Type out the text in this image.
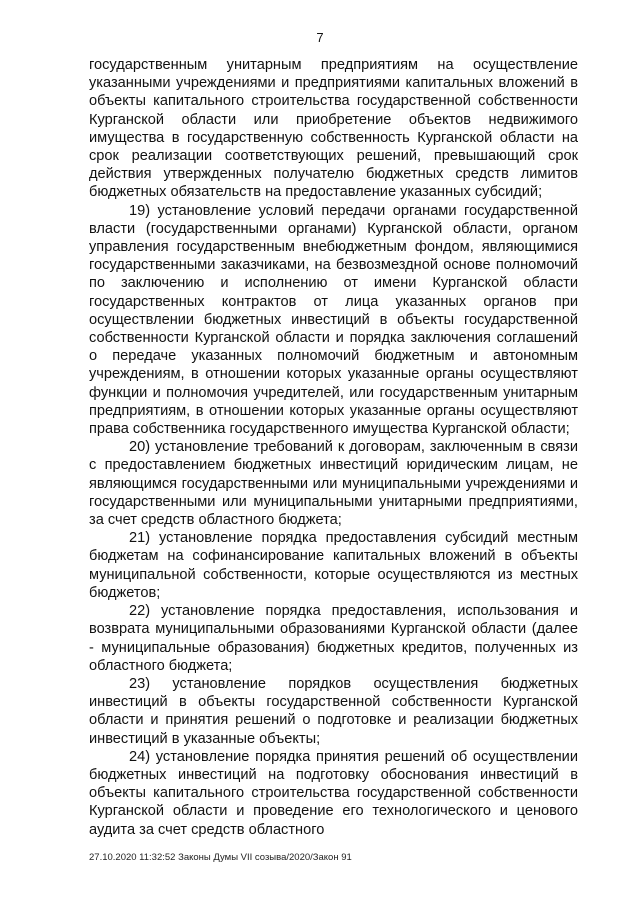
7

государственным унитарным предприятиям на осуществление указанными учреждениями и предприятиями капитальных вложений в объекты капитального строительства государственной собственности Курганской области или приобретение объектов недвижимого имущества в государственную собственность Курганской области на срок реализации соответствующих решений, превышающий срок действия утвержденных получателю бюджетных средств лимитов бюджетных обязательств на предоставление указанных субсидий;

19) установление условий передачи органами государственной власти (государственными органами) Курганской области, органом управления государственным внебюджетным фондом, являющимися государственными заказчиками, на безвозмездной основе полномочий по заключению и исполнению от имени Курганской области государственных контрактов от лица указанных органов при осуществлении бюджетных инвестиций в объекты государственной собственности Курганской области и порядка заключения соглашений о передаче указанных полномочий бюджетным и автономным учреждениям, в отношении которых указанные органы осуществляют функции и полномочия учредителей, или государственным унитарным предприятиям, в отношении которых указанные органы осуществляют права собственника государственного имущества Курганской области;

20) установление требований к договорам, заключенным в связи с предоставлением бюджетных инвестиций юридическим лицам, не являющимся государственными или муниципальными учреждениями и государственными или муниципальными унитарными предприятиями, за счет средств областного бюджета;

21) установление порядка предоставления субсидий местным бюджетам на софинансирование капитальных вложений в объекты муниципальной собственности, которые осуществляются из местных бюджетов;

22) установление порядка предоставления, использования и возврата муниципальными образованиями Курганской области (далее - муниципальные образования) бюджетных кредитов, полученных из областного бюджета;

23) установление порядков осуществления бюджетных инвестиций в объекты государственной собственности Курганской области и принятия решений о подготовке и реализации бюджетных инвестиций в указанные объекты;

24) установление порядка принятия решений об осуществлении бюджетных инвестиций на подготовку обоснования инвестиций в объекты капитального строительства государственной собственности Курганской области и проведение его технологического и ценового аудита за счет средств областного

27.10.2020 11:32:52 Законы Думы VII созыва/2020/Закон 91
